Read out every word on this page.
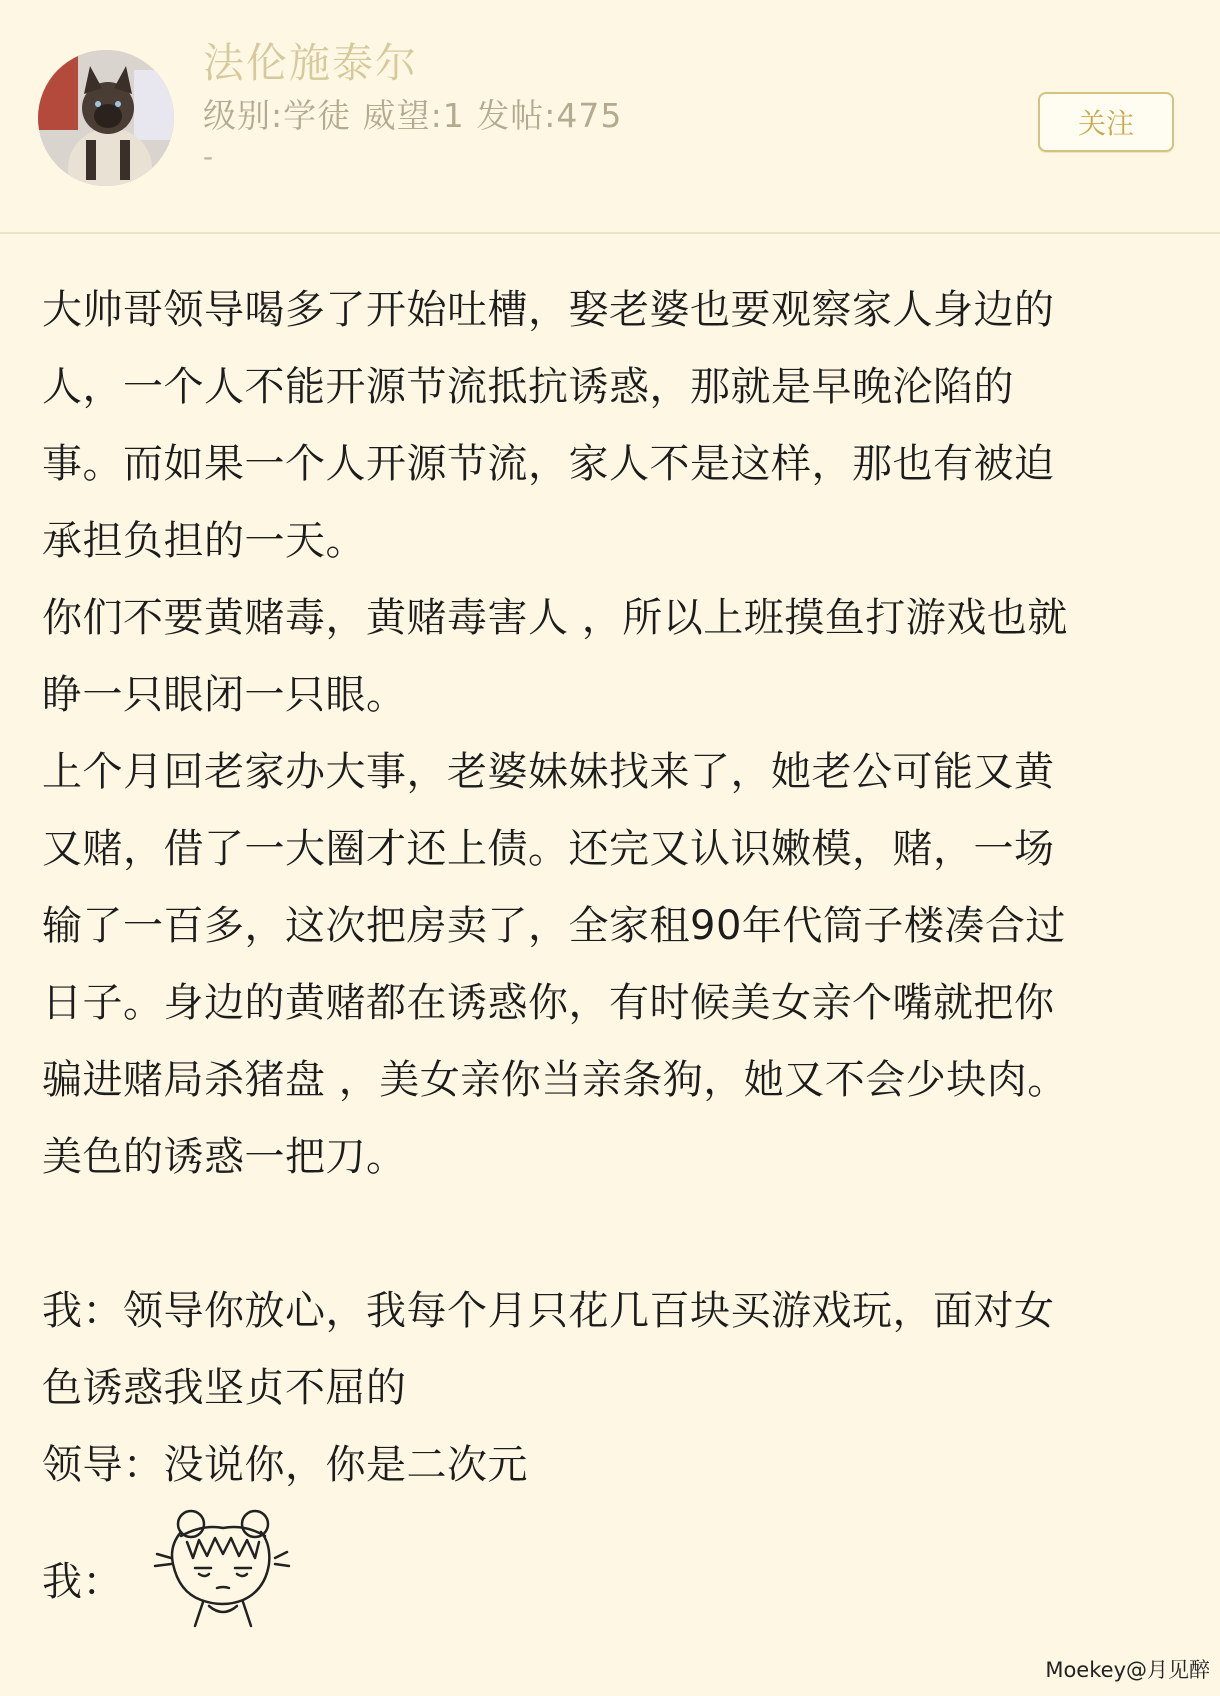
法伦施泰尔
级别:学徒 威望:1 发帖:475
-
关注
大帅哥领导喝多了开始吐槽，娶老婆也要观察家人身边的
人，一个人不能开源节流抵抗诱惑，那就是早晚沦陷的
事。而如果一个人开源节流，家人不是这样，那也有被迫
承担负担的一天。
你们不要黄赌毒，黄赌毒害人 ，所以上班摸鱼打游戏也就
睁一只眼闭一只眼。
上个月回老家办大事，老婆妹妹找来了，她老公可能又黄
又赌，借了一大圈才还上债。还完又认识嫩模，赌，一场
输了一百多，这次把房卖了，全家租90年代筒子楼凑合过
日子。身边的黄赌都在诱惑你，有时候美女亲个嘴就把你
骗进赌局杀猪盘 ，美女亲你当亲条狗，她又不会少块肉。
美色的诱惑一把刀。
我：领导你放心，我每个月只花几百块买游戏玩，面对女
色诱惑我坚贞不屈的
领导：没说你，你是二次元
我：
Moekey@月见醉
